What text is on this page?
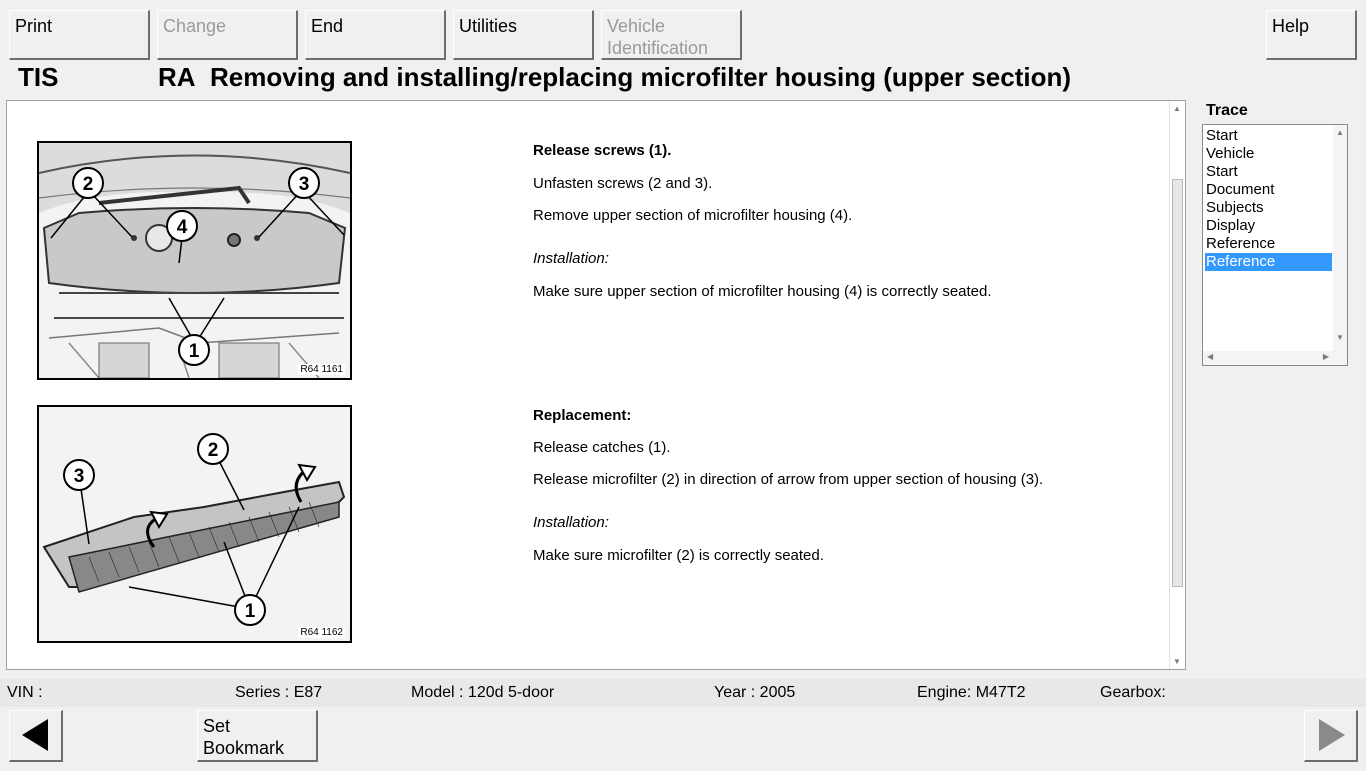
Print	Change	End	Utilities	Vehicle
Identification
Help
TIS	RA Removing and installing/replacing microfilter housing (upper section)
1
2	3
4
R64 1161
1
2
3
R64 1162
Release screws (1).
Unfasten screws (2 and 3).
Remove upper section of microfilter housing (4).
Installation:
Make sure upper section of microfilter housing (4) is correctly seated.
Replacement:
Release catches (1).
Release microfilter (2) in direction of arrow from upper section of housing (3).
Installation:
Make sure microfilter (2) is correctly seated.
▲
▼
Trace
Start
Vehicle
Start
Document
Subjects
Display
Reference
Reference
▲
▼
◀	▶
VIN :	Series : E87	Model : 120d 5-door	Year : 2005	Engine: M47T2	Gearbox:
Set
Bookmark
